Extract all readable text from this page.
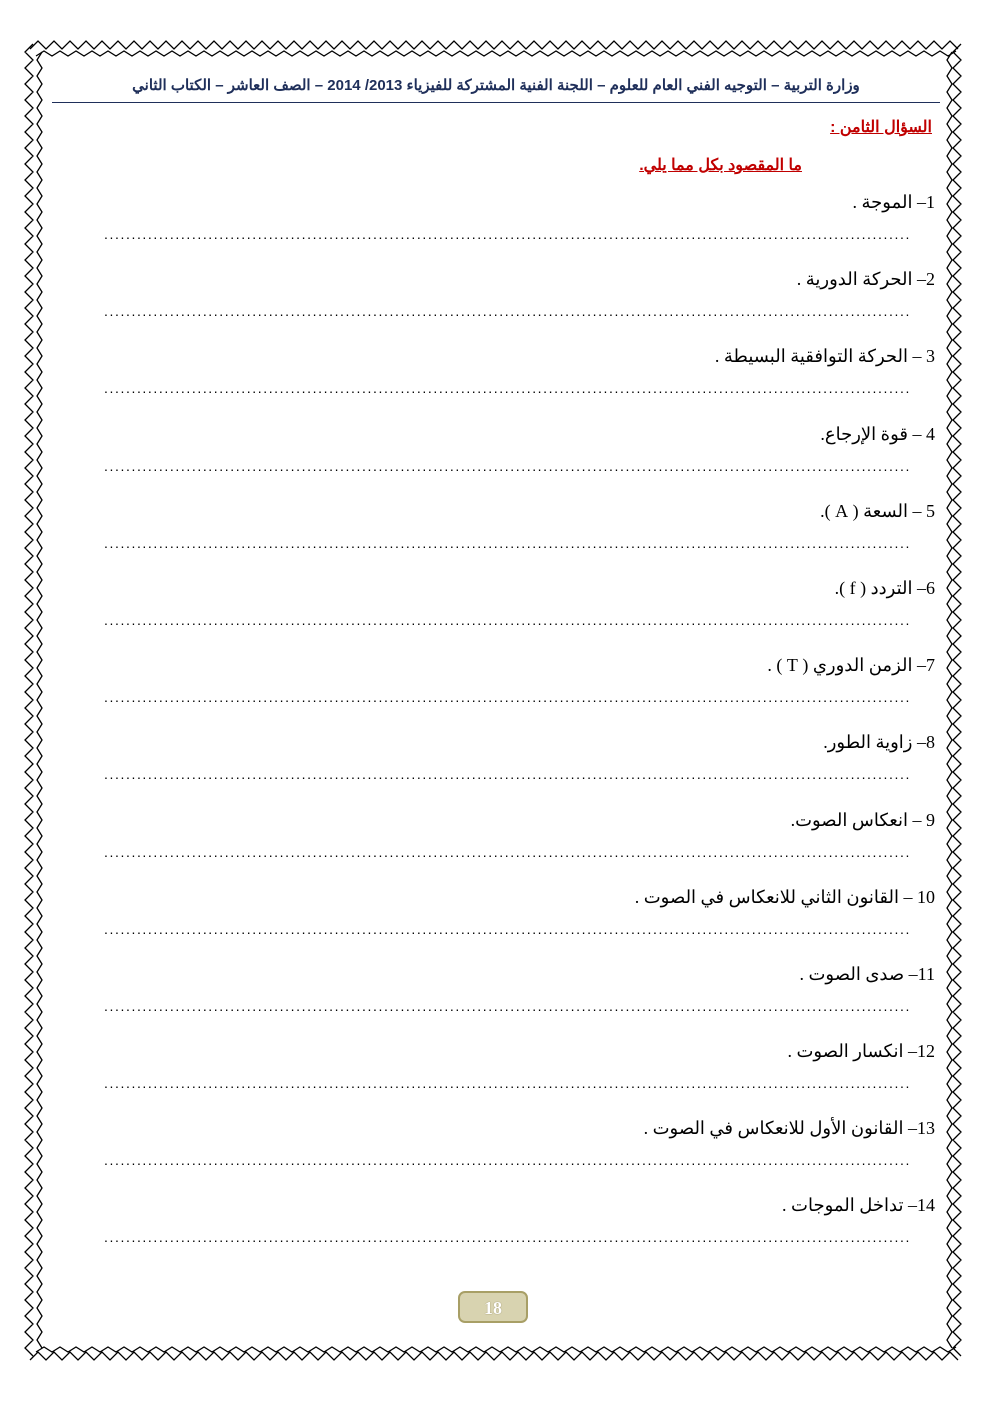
وزارة التربية – التوجيه الفني العام للعلوم – اللجنة الفنية المشتركة للفيزياء 2013/ 2014 – الصف العاشر – الكتاب الثاني
السؤال الثامن :
ما المقصود بكل مما يلي.
1– الموجة .
...................................................................................................................................................
2– الحركة الدورية .
...................................................................................................................................................
3 – الحركة التوافقية البسيطة .
...................................................................................................................................................
4 – قوة الإرجاع.
...................................................................................................................................................
5 – السعة ( A ).
...................................................................................................................................................
6– التردد ( f ).
...................................................................................................................................................
7– الزمن الدوري ( T ) .
...................................................................................................................................................
8– زاوية الطور.
...................................................................................................................................................
9 – انعكاس الصوت.
...................................................................................................................................................
10 – القانون الثاني للانعكاس في الصوت .
...................................................................................................................................................
11– صدى الصوت .
...................................................................................................................................................
12– انكسار الصوت .
...................................................................................................................................................
13– القانون الأول للانعكاس في الصوت .
...................................................................................................................................................
14– تداخل الموجات .
...................................................................................................................................................
18
